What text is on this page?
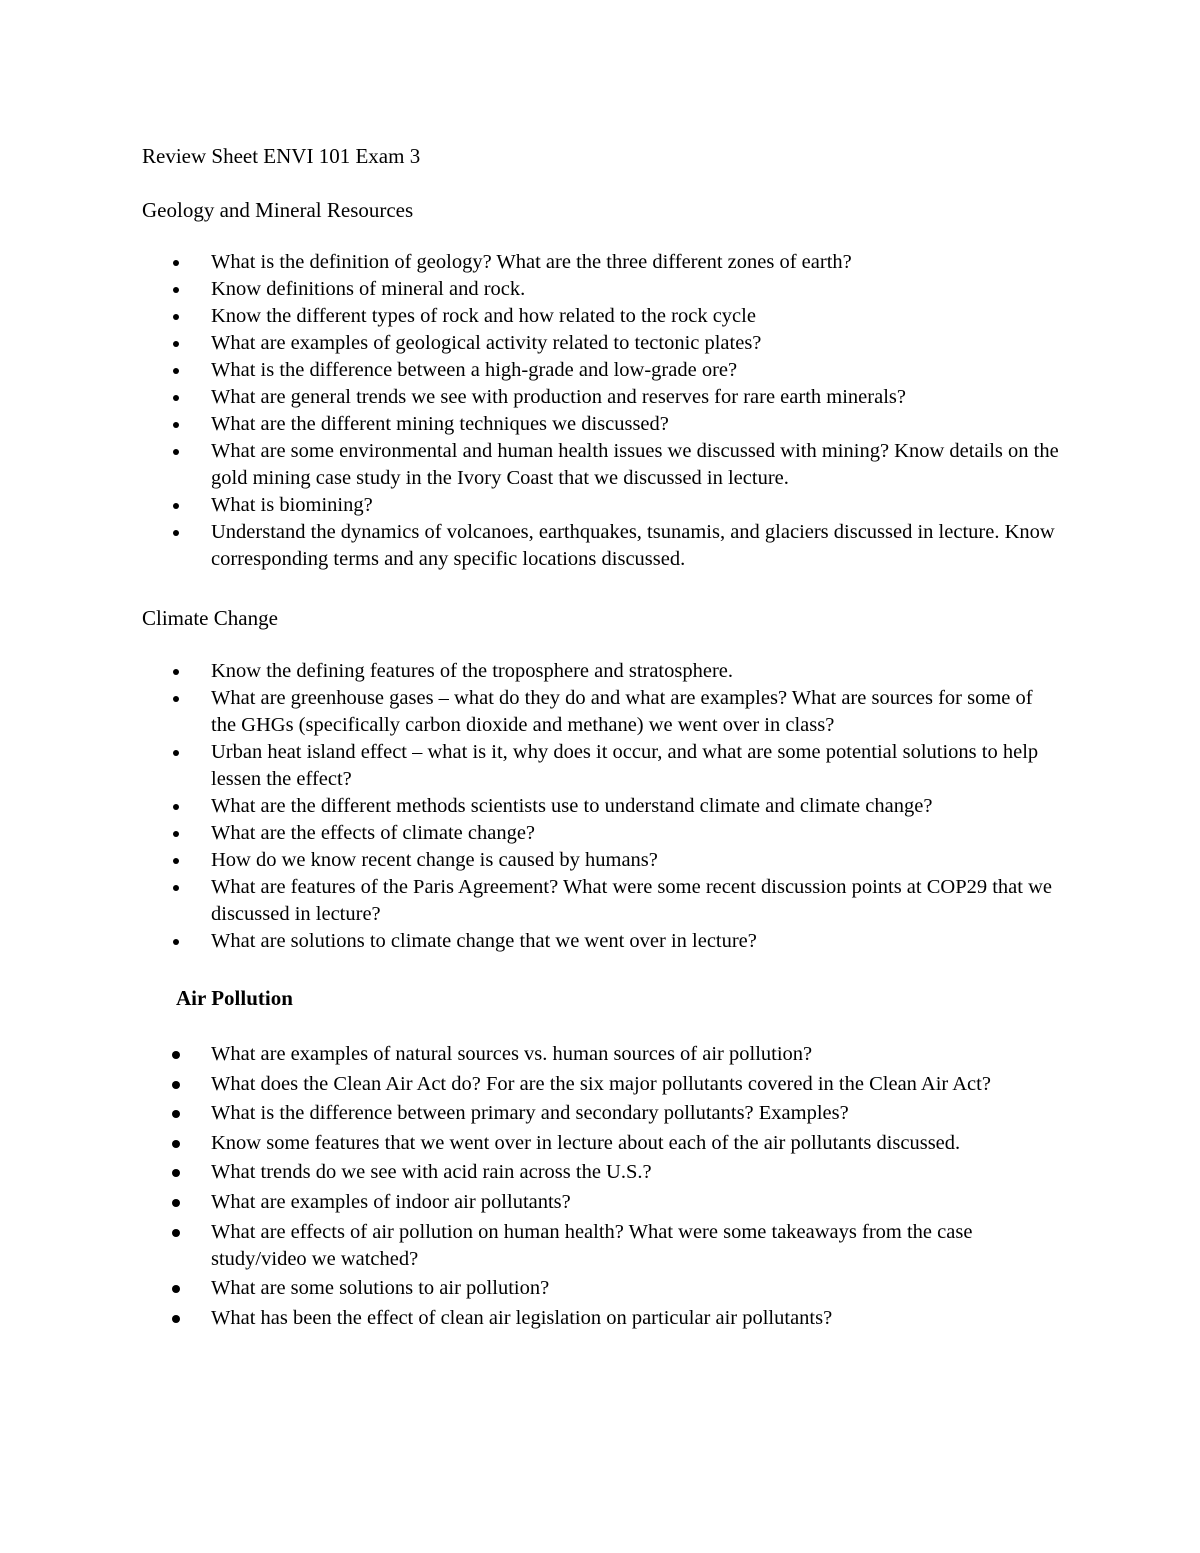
Review Sheet ENVI 101 Exam 3
Geology and Mineral Resources
What is the definition of geology? What are the three different zones of earth?
Know definitions of mineral and rock.
Know the different types of rock and how related to the rock cycle
What are examples of geological activity related to tectonic plates?
What is the difference between a high-grade and low-grade ore?
What are general trends we see with production and reserves for rare earth minerals?
What are the different mining techniques we discussed?
What are some environmental and human health issues we discussed with mining? Know details on the gold mining case study in the Ivory Coast that we discussed in lecture.
What is biomining?
Understand the dynamics of volcanoes, earthquakes, tsunamis, and glaciers discussed in lecture. Know corresponding terms and any specific locations discussed.
Climate Change
Know the defining features of the troposphere and stratosphere.
What are greenhouse gases – what do they do and what are examples? What are sources for some of the GHGs (specifically carbon dioxide and methane) we went over in class?
Urban heat island effect – what is it, why does it occur, and what are some potential solutions to help lessen the effect?
What are the different methods scientists use to understand climate and climate change?
What are the effects of climate change?
How do we know recent change is caused by humans?
What are features of the Paris Agreement? What were some recent discussion points at COP29 that we discussed in lecture?
What are solutions to climate change that we went over in lecture?
Air Pollution
What are examples of natural sources vs. human sources of air pollution?
What does the Clean Air Act do? For are the six major pollutants covered in the Clean Air Act?
What is the difference between primary and secondary pollutants? Examples?
Know some features that we went over in lecture about each of the air pollutants discussed.
What trends do we see with acid rain across the U.S.?
What are examples of indoor air pollutants?
What are effects of air pollution on human health? What were some takeaways from the case study/video we watched?
What are some solutions to air pollution?
What has been the effect of clean air legislation on particular air pollutants?
